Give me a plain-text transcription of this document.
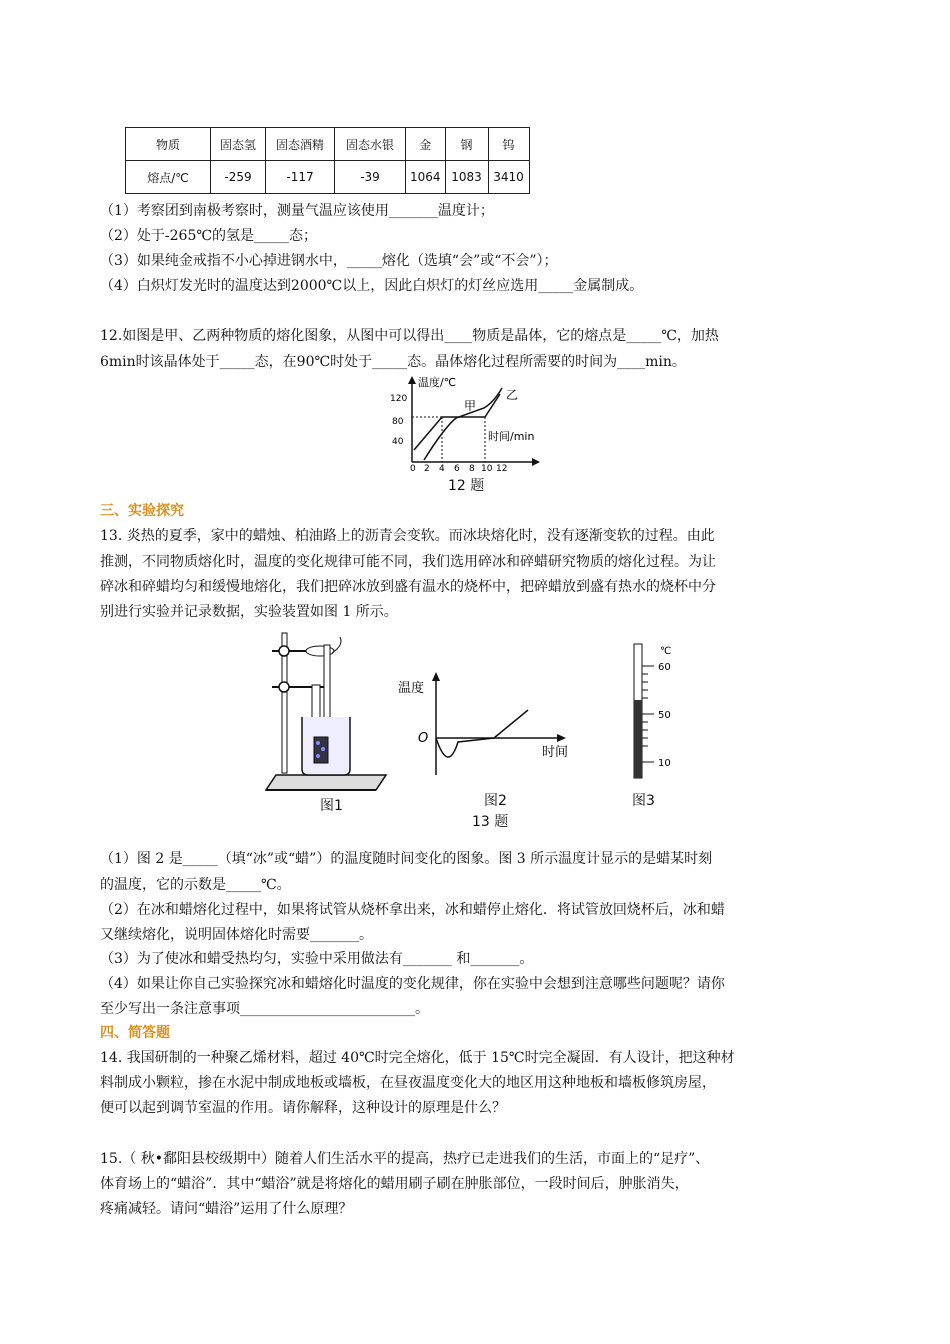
物质	固态氢	固态酒精	固态水银	金	钢	钨
熔点/℃	-259	-117	-39	1064	1083	3410
（1）考察团到南极考察时，测量气温应该使用_______温度计；
（2）处于-265℃的氢是_____态；
（3）如果纯金戒指不小心掉进钢水中，_____熔化（选填“会”或“不会”）；
（4）白炽灯发光时的温度达到2000℃以上，因此白炽灯的灯丝应选用_____金属制成。
12.如图是甲、乙两种物质的熔化图象，从图中可以得出____物质是晶体，它的熔点是_____℃，加热
6min时该晶体处于_____态，在90℃时处于_____态。晶体熔化过程所需要的时间为____min。
温度/℃
时间/min
120
80
40
0 2 4 6 8 10 12
甲
乙
12 题
三、实验探究
13. 炎热的夏季，家中的蜡烛、柏油路上的沥青会变软。而冰块熔化时，没有逐渐变软的过程。由此
推测，不同物质熔化时，温度的变化规律可能不同，我们选用碎冰和碎蜡研究物质的熔化过程。为让
碎冰和碎蜡均匀和缓慢地熔化，我们把碎冰放到盛有温水的烧杯中，把碎蜡放到盛有热水的烧杯中分
别进行实验并记录数据，实验装置如图 1 所示。
图1
温度
O
时间
图2
℃
60
50
10
图3
13 题
（1）图 2 是_____（填“冰”或“蜡”）的温度随时间变化的图象。图 3 所示温度计显示的是蜡某时刻
的温度，它的示数是_____℃。
（2）在冰和蜡熔化过程中，如果将试管从烧杯拿出来，冰和蜡停止熔化．将试管放回烧杯后，冰和蜡
又继续熔化，说明固体熔化时需要_______。
（3）为了使冰和蜡受热均匀，实验中采用做法有_______ 和_______。
（4）如果让你自己实验探究冰和蜡熔化时温度的变化规律，你在实验中会想到注意哪些问题呢？请你
至少写出一条注意事项_________________________。
四、简答题
14. 我国研制的一种聚乙烯材料，超过 40℃时完全熔化，低于 15℃时完全凝固．有人设计，把这种材
料制成小颗粒，掺在水泥中制成地板或墙板，在昼夜温度变化大的地区用这种地板和墙板修筑房屋，
便可以起到调节室温的作用。请你解释，这种设计的原理是什么？
15.（ 秋•鄱阳县校级期中）随着人们生活水平的提高，热疗已走进我们的生活，市面上的“足疗”、
体育场上的“蜡浴”．其中“蜡浴”就是将熔化的蜡用刷子刷在肿胀部位，一段时间后，肿胀消失，
疼痛减轻。请问“蜡浴”运用了什么原理？
